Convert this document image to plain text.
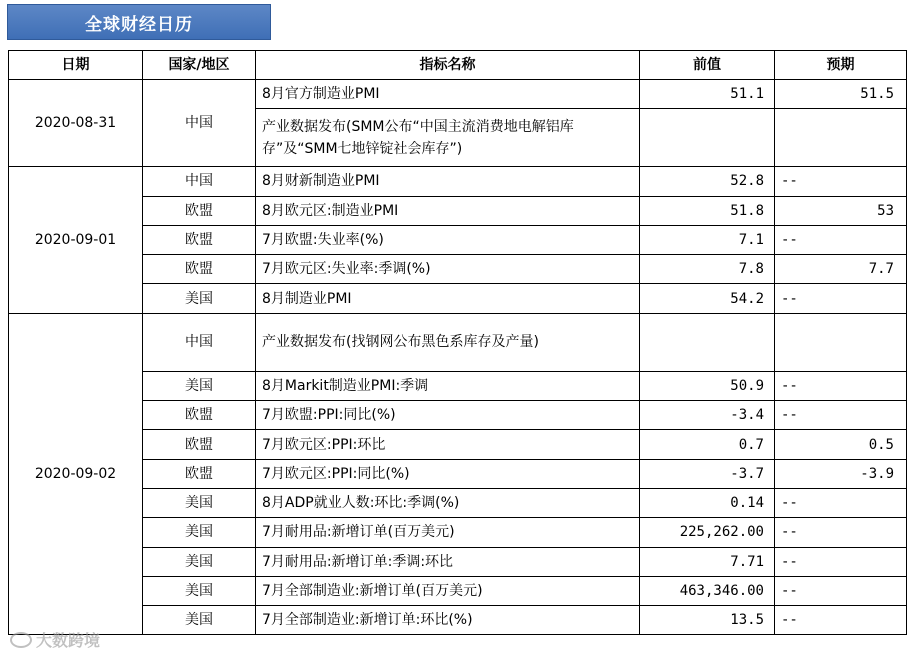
全球财经日历
日期	国家/地区	指标名称	前值	预期
2020-08-31	中国	8月官方制造业PMI	51.1	51.5
		产业数据发布(SMM公布“中国主流消费地电解铝库存”及“SMM七地锌锭社会库存”)		
2020-09-01	中国	8月财新制造业PMI	52.8	--
	欧盟	8月欧元区:制造业PMI	51.8	53
	欧盟	7月欧盟:失业率(%)	7.1	--
	欧盟	7月欧元区:失业率:季调(%)	7.8	7.7
	美国	8月制造业PMI	54.2	--
2020-09-02	中国	产业数据发布(找钢网公布黑色系库存及产量)		
	美国	8月Markit制造业PMI:季调	50.9	--
	欧盟	7月欧盟:PPI:同比(%)	-3.4	--
	欧盟	7月欧元区:PPI:环比	0.7	0.5
	欧盟	7月欧元区:PPI:同比(%)	-3.7	-3.9
	美国	8月ADP就业人数:环比:季调(%)	0.14	--
	美国	7月耐用品:新增订单(百万美元)	225,262.00	--
	美国	7月耐用品:新增订单:季调:环比	7.71	--
	美国	7月全部制造业:新增订单(百万美元)	463,346.00	--
	美国	7月全部制造业:新增订单:环比(%)	13.5	--
大数跨境
